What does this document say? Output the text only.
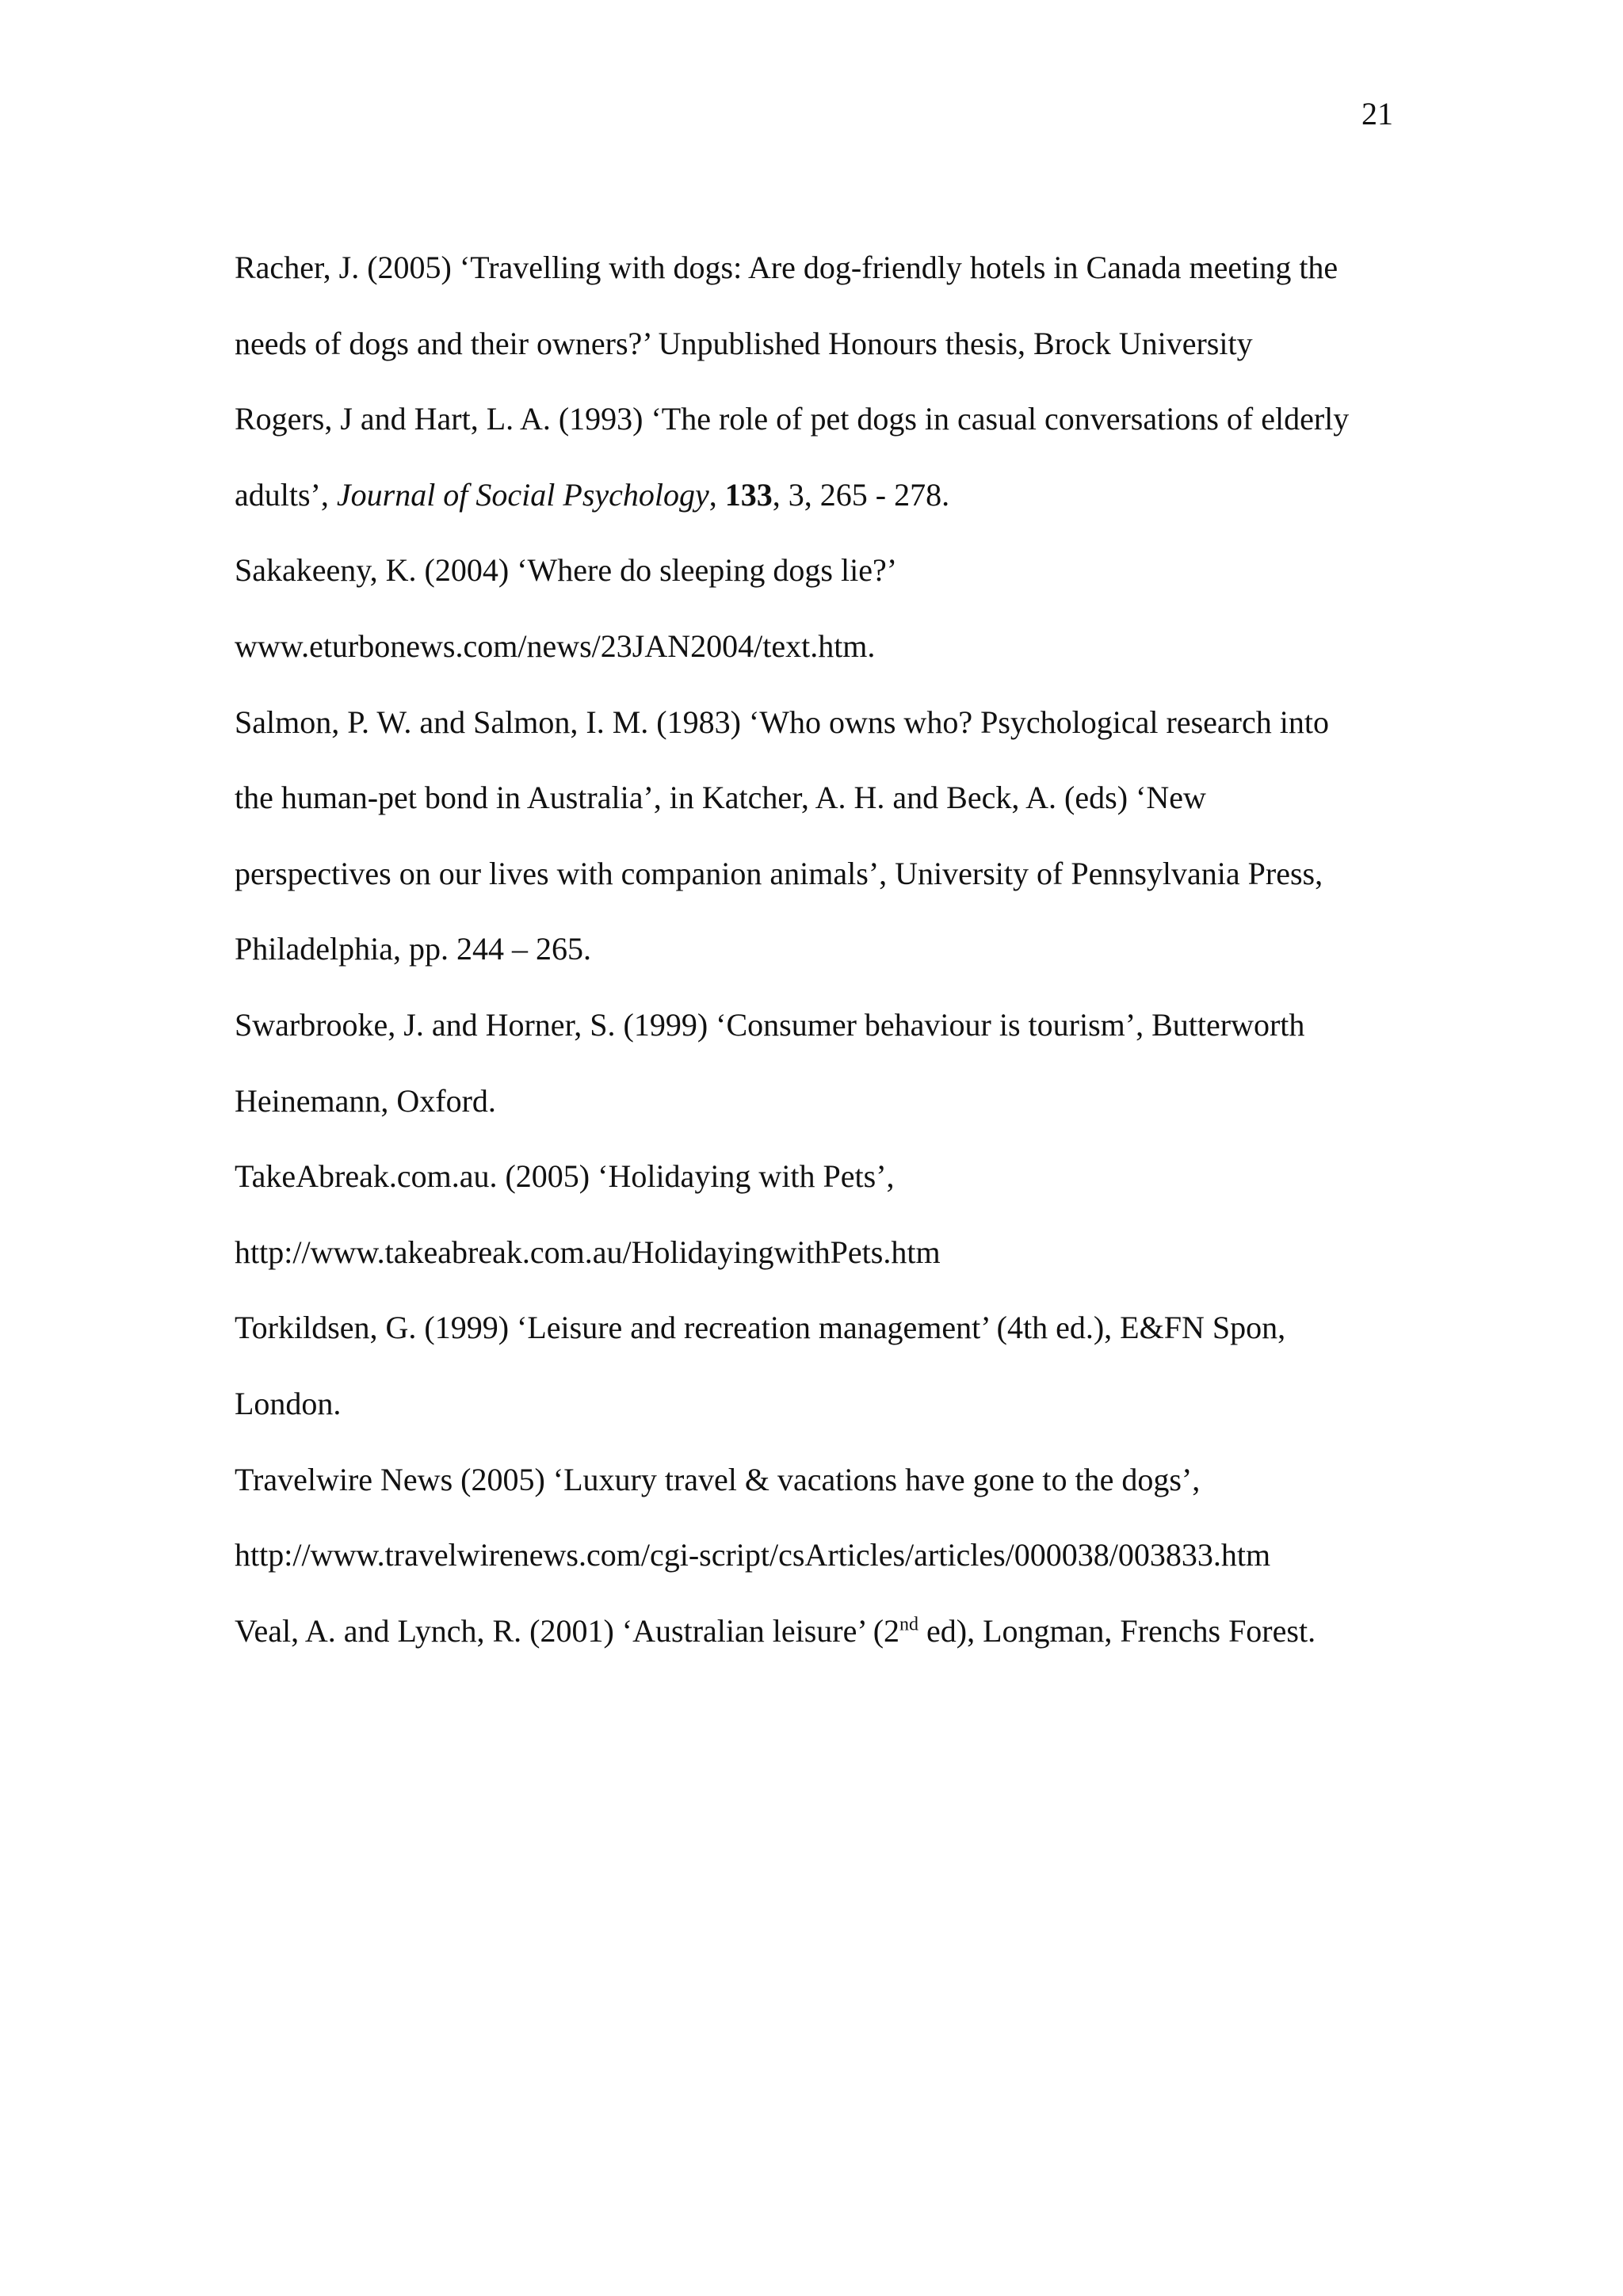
21

Racher, J. (2005) ‘Travelling with dogs: Are dog-friendly hotels in Canada meeting the

needs of dogs and their owners?’ Unpublished Honours thesis, Brock University

Rogers, J and Hart, L. A. (1993) ‘The role of pet dogs in casual conversations of elderly

adults’, Journal of Social Psychology, 133, 3, 265 - 278.

Sakakeeny, K. (2004) ‘Where do sleeping dogs lie?’

www.eturbonews.com/news/23JAN2004/text.htm.

Salmon, P. W. and Salmon, I. M. (1983) ‘Who owns who? Psychological research into

the human-pet bond in Australia’, in Katcher, A. H. and Beck, A. (eds) ‘New

perspectives on our lives with companion animals’, University of Pennsylvania Press,

Philadelphia, pp. 244 – 265.

Swarbrooke, J. and Horner, S. (1999) ‘Consumer behaviour is tourism’, Butterworth

Heinemann, Oxford.

TakeAbreak.com.au. (2005) ‘Holidaying with Pets’,

http://www.takeabreak.com.au/HolidayingwithPets.htm

Torkildsen, G. (1999) ‘Leisure and recreation management’ (4th ed.), E&FN Spon,

London.

Travelwire News (2005) ‘Luxury travel & vacations have gone to the dogs’,

http://www.travelwirenews.com/cgi-script/csArticles/articles/000038/003833.htm

Veal, A. and Lynch, R. (2001) ‘Australian leisure’ (2nd ed), Longman, Frenchs Forest.
